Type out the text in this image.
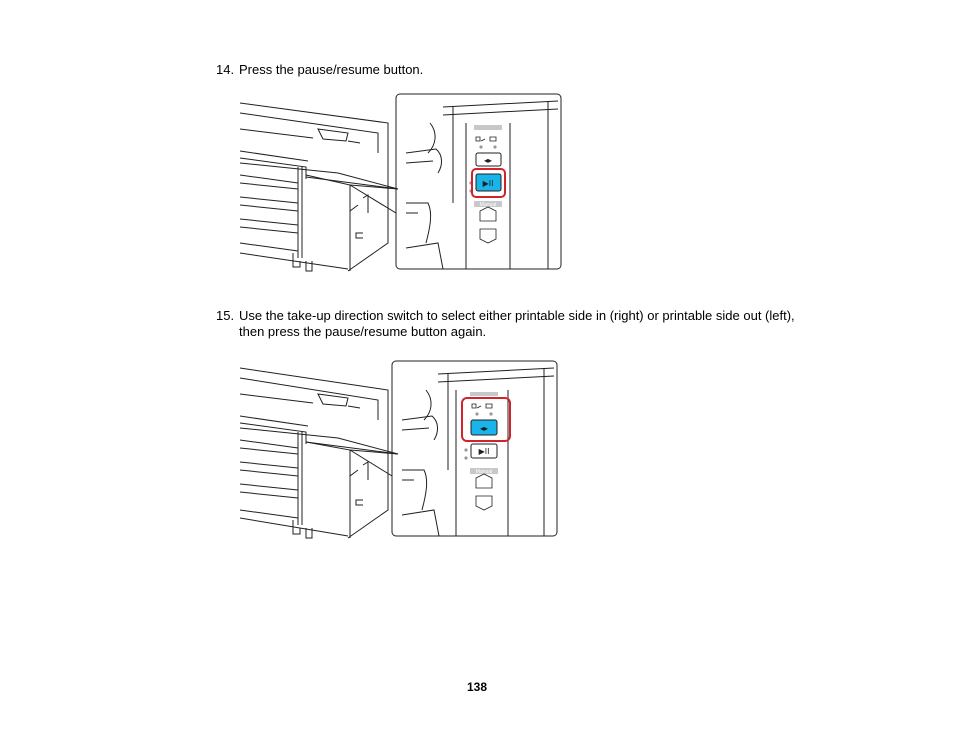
14. Press the pause/resume button.
◂▸
▶II
Manual
15. Use the take-up direction switch to select either printable side in (right) or printable side out (left),
then press the pause/resume button again.
◂▸
▶II
Manual
138
